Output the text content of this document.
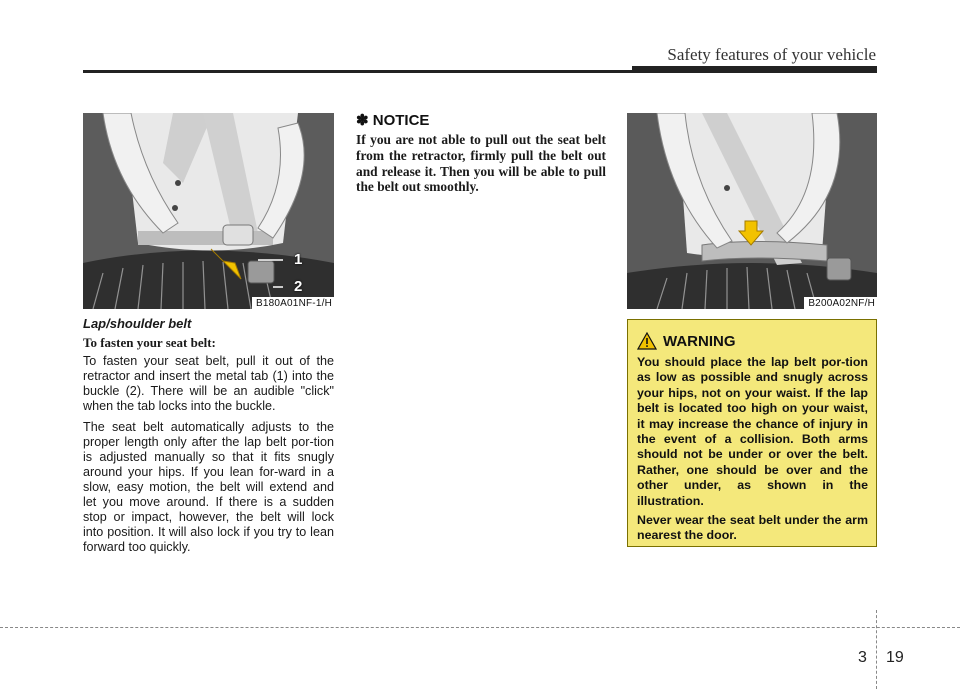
Safety features of your vehicle
1
2
B180A01NF-1/H

Lap/shoulder belt

To fasten your seat belt:

To fasten your seat belt, pull it out of the retractor and insert the metal tab (1) into the buckle (2). There will be an audible "click" when the tab locks into the buckle.

The seat belt automatically adjusts to the proper length only after the lap belt por-tion is adjusted manually so that it fits snugly around your hips. If you lean for-ward in a slow, easy motion, the belt will extend and let you move around. If there is a sudden stop or impact, however, the belt will lock into position. It will also lock if you try to lean forward too quickly.

✽ NOTICE

If you are not able to pull out the seat belt from the retractor, firmly pull the belt out and release it. Then you will be able to pull the belt out smoothly.

B200A02NF/H
WARNING

You should place the lap belt por-tion as low as possible and snugly across your hips, not on your waist. If the lap belt is located too high on your waist, it may increase the chance of injury in the event of a collision. Both arms should not be under or over the belt. Rather, one should be over and the other under, as shown in the illustration.

Never wear the seat belt under the arm nearest the door.

3 19
